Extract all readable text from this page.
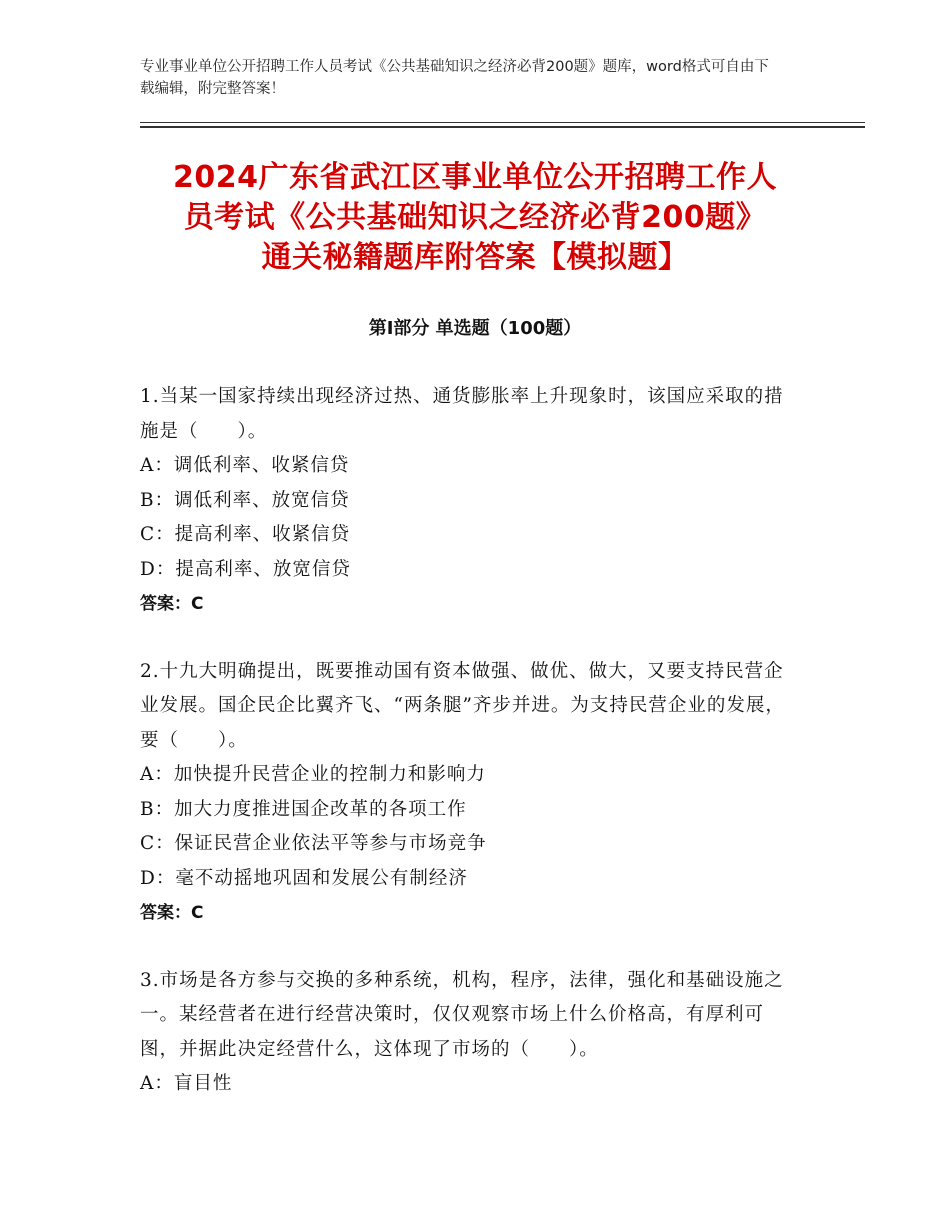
专业事业单位公开招聘工作人员考试《公共基础知识之经济必背200题》题库，word格式可自由下载编辑，附完整答案！
2024广东省武江区事业单位公开招聘工作人
员考试《公共基础知识之经济必背200题》
通关秘籍题库附答案【模拟题】
第Ⅰ部分 单选题（100题）

1.当某一国家持续出现经济过热、通货膨胀率上升现象时，该国应采取的措施是（　　）。

A：调低利率、收紧信贷

B：调低利率、放宽信贷

C：提高利率、收紧信贷

D：提高利率、放宽信贷

答案：C

2.十九大明确提出，既要推动国有资本做强、做优、做大，又要支持民营企业发展。国企民企比翼齐飞、“两条腿”齐步并进。为支持民营企业的发展，要（　　）。

A：加快提升民营企业的控制力和影响力

B：加大力度推进国企改革的各项工作

C：保证民营企业依法平等参与市场竞争

D：毫不动摇地巩固和发展公有制经济

答案：C

3.市场是各方参与交换的多种系统，机构，程序，法律，强化和基础设施之一。某经营者在进行经营决策时，仅仅观察市场上什么价格高，有厚利可图，并据此决定经营什么，这体现了市场的（　　）。

A：盲目性
